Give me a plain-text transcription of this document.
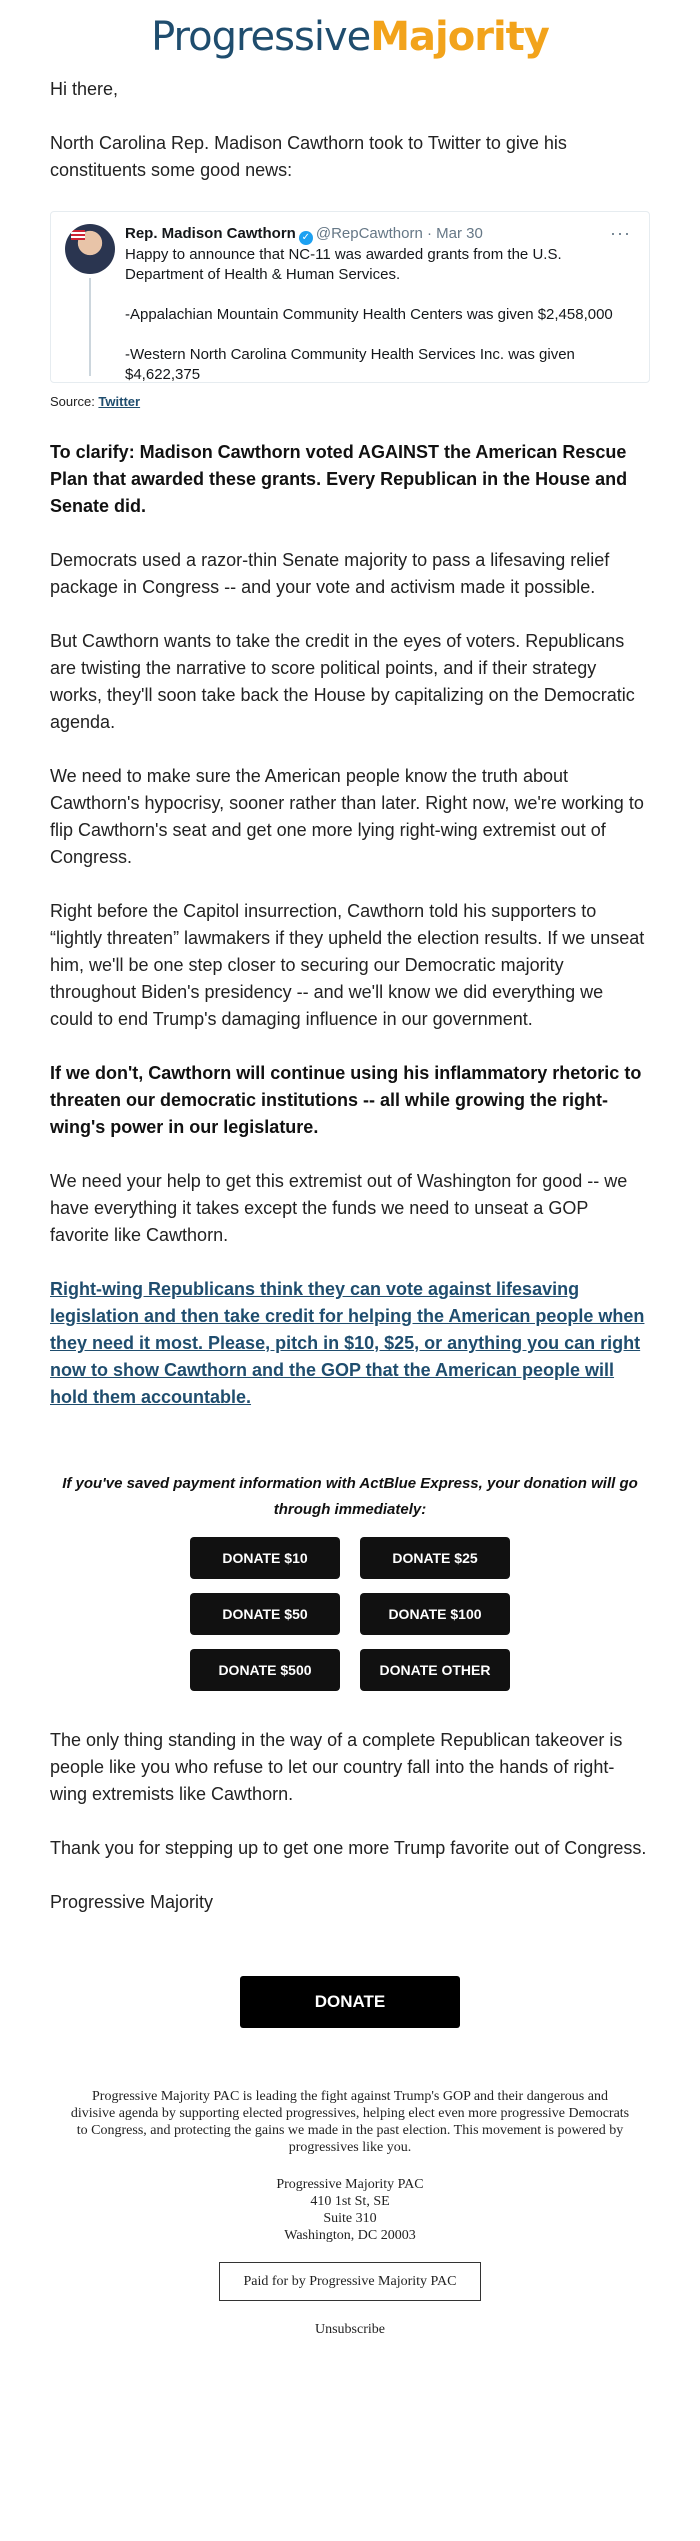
ProgressiveMajority

Hi there,

North Carolina Rep. Madison Cawthorn took to Twitter to give his constituents some good news:

···
Rep. Madison Cawthorn ✓ @RepCawthorn · Mar 30

Happy to announce that NC-11 was awarded grants from the U.S. Department of Health & Human Services.

-Appalachian Mountain Community Health Centers was given $2,458,000

-Western North Carolina Community Health Services Inc. was given $4,622,375

Source: Twitter

To clarify: Madison Cawthorn voted AGAINST the American Rescue Plan that awarded these grants. Every Republican in the House and Senate did.

Democrats used a razor-thin Senate majority to pass a lifesaving relief package in Congress -- and your vote and activism made it possible.

But Cawthorn wants to take the credit in the eyes of voters. Republicans are twisting the narrative to score political points, and if their strategy works, they'll soon take back the House by capitalizing on the Democratic agenda.

We need to make sure the American people know the truth about Cawthorn's hypocrisy, sooner rather than later. Right now, we're working to flip Cawthorn's seat and get one more lying right-wing extremist out of Congress.

Right before the Capitol insurrection, Cawthorn told his supporters to “lightly threaten” lawmakers if they upheld the election results. If we unseat him, we'll be one step closer to securing our Democratic majority throughout Biden's presidency -- and we'll know we did everything we could to end Trump's damaging influence in our government.

If we don't, Cawthorn will continue using his inflammatory rhetoric to threaten our democratic institutions -- all while growing the right-wing's power in our legislature.

We need your help to get this extremist out of Washington for good -- we have everything it takes except the funds we need to unseat a GOP favorite like Cawthorn.

Right-wing Republicans think they can vote against lifesaving legislation and then take credit for helping the American people when they need it most. Please, pitch in $10, $25, or anything you can right now to show Cawthorn and the GOP that the American people will hold them accountable.

If you've saved payment information with ActBlue Express, your donation will go through immediately:

DONATE $10	DONATE $25
DONATE $50	DONATE $100
DONATE $500	DONATE OTHER

The only thing standing in the way of a complete Republican takeover is people like you who refuse to let our country fall into the hands of right-wing extremists like Cawthorn.

Thank you for stepping up to get one more Trump favorite out of Congress.

Progressive Majority

DONATE
Progressive Majority PAC is leading the fight against Trump's GOP and their dangerous and divisive agenda by supporting elected progressives, helping elect even more progressive Democrats to Congress, and protecting the gains we made in the past election. This movement is powered by progressives like you.
Progressive Majority PAC
410 1st St, SE
Suite 310
Washington, DC 20003
Paid for by Progressive Majority PAC
Unsubscribe
